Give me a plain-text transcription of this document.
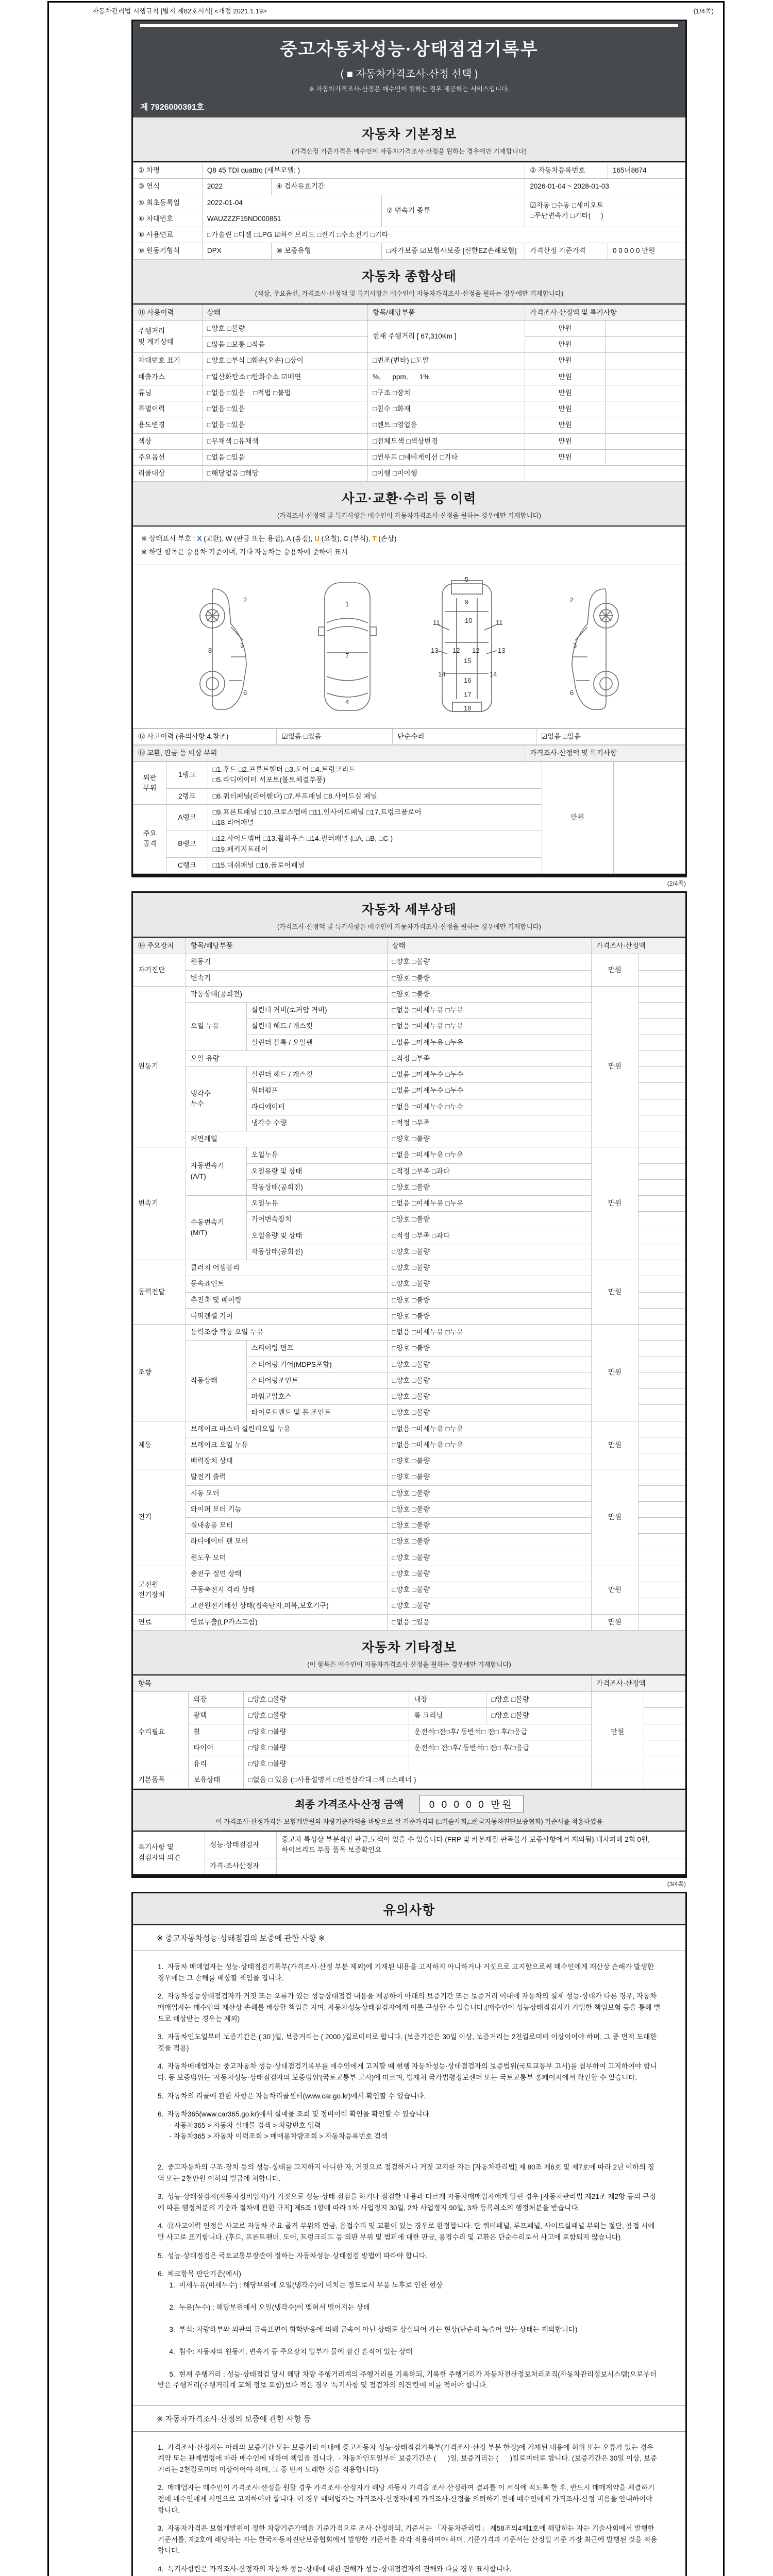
자동차관리법 시행규칙 [별지 제82호서식] <개정 2021.1.19>	(1/4쪽)
중고자동차성능·상태점검기록부
( ■ 자동차가격조사·산정 선택 )
※ 자동차가격조사·산정은 매수인이 원하는 경우 제공하는 서비스입니다.
제 7926000391호
자동차 기본정보
(가격산정 기준가격은 매수인이 자동차가격조사·산정을 원하는 경우에만 기재합니다)
① 차명	Q8 45 TDI quattro (세부모델: )			② 자동차등록번호	165너8674
③ 연식	2022	④ 검사유효기간		2026-01-04 ~ 2028-01-03	
⑤ 최초등록일	2022-01-04		⑦ 변속기 종류	☑자동 □수동 □세미오토
□무단변속기 □기타(     )	
⑥ 차대번호	WAUZZZF15ND000851				
⑧ 사용연료	□가솔린 □디젤 □LPG ☑하이브리드 □전기 □수소전기 □기타				
⑨ 원동기형식	DPX	⑩ 보증유형	□자가보증 ☑보험사보증 [신한EZ손해보험]	가격산정 기준가격	0 0 0 0 0 만원
자동차 종합상태
(색상, 주요옵션, 가격조사·산정액 및 특기사항은 매수인이 자동차가격조사·산정을 원하는 경우에만 기재합니다)
⑪ 사용이력	상태	항목/해당부품	가격조사·산정액 및 특기사항	
주행거리
및 계기상태	□양호 □불량	현재 주행거리 [ 67,310Km ]	만원	
	□많음 □보통 □적음		만원	
차대번호 표기	□양호 □부식 □훼손(오손) □상이	□변조(변타) □도말	만원	
배출가스	□일산화탄소 □탄화수소 ☑매연	%,      ppm,      1%	만원	
튜닝	□없음 □있음    □적법 □불법	□구조 □장치	만원	
특별이력	□없음 □있음	□침수 □화재	만원	
용도변경	□없음 □있음	□렌트 □영업용	만원	
색상	□무채색 □유채색	□전체도색 □색상변경	만원	
주요옵션	□없음 □있음	□썬루프 □네비게이션 □기타	만원	
리콜대상	□해당없음 □해당	□이행 □미이행		
사고·교환·수리 등 이력
(가격조사·산정액 및 특기사항은 매수인이 자동차가격조사·산정을 원하는 경우에만 기재합니다)
※ 상태표시 부호 : X (교환), W (판금 또는 용접), A (흠집), U (요철), C (부식), T (손상)
※ 하단 항목은 승용차 기준이며, 기타 자동차는 승용차에 준하여 표시
2
3
6
8
1
7
4
5
9
10
11	11
13	13
12 12
14	14
15
16
17
18
2
3
6
⑫ 사고이력 (유의사항 4.참조)	☑없음 □있음	단순수리	☑없음 □있음
⑬ 교환, 판금 등 이상 부위	가격조사·산정액 및 특기사항
외판
부위	1랭크	□1.후드 □2.프론트휀더 □3.도어 □4.트렁크리드
□5.라디에이터 서포트(볼트체결부품)	만원	
	2랭크	□6.쿼터패널(리어휀다) □7.루프패널 □8.사이드실 패널		
주요
골격	A랭크	□9.프론트패널 □10.크로스멤버 □11.인사이드패널 □17.트렁크플로어
□18.리어패널		
	B랭크	□12.사이드멤버 □13.휠하우스 □14.필러패널 (□A, □B, □C )
□19.패키지트레이		
	C랭크	□15.대쉬패널 □16.플로어패널		
(2/4쪽)
자동차 세부상태
(가격조사·산정액 및 특기사항은 매수인이 자동차가격조사·산정을 원하는 경우에만 기재합니다)
⑭ 주요장치	항목/해당부품		상태	가격조사·산정액	
자기진단	원동기		□양호 □불량	만원	
	변속기		□양호 □불량		
원동기	작동상태(공회전)		□양호 □불량	만원	
	오일 누유	실린더 커버(로커암 커버)	□없음 □미세누유 □누유		
		실린더 헤드 / 개스킷	□없음 □미세누유 □누유		
		실린더 블록 / 오일팬	□없음 □미세누유 □누유		
	오일 유량		□적정 □부족		
	냉각수
누수	실린더 헤드 / 개스킷	□없음 □미세누수 □누수		
		워터펌프	□없음 □미세누수 □누수		
		라디에이터	□없음 □미세누수 □누수		
		냉각수 수량	□적정 □부족		
	커먼레일		□양호 □불량		
변속기	자동변속기
(A/T)	오일누유	□없음 □미세누유 □누유	만원	
		오일유량 및 상태	□적정 □부족 □과다		
		작동상태(공회전)	□양호 □불량		
	수동변속기
(M/T)	오일누유	□없음 □미세누유 □누유		
		기어변속장치	□양호 □불량		
		오일유량 및 상태	□적정 □부족 □과다		
		작동상태(공회전)	□양호 □불량		
동력전달	클러치 어셈블리		□양호 □불량	만원	
	등속죠인트		□양호 □불량		
	추진축 및 베어링		□양호 □불량		
	디퍼렌셜 기어		□양호 □불량		
조향	동력조향 작동 오일 누유		□없음 □미세누유 □누유	만원	
	작동상태	스티어링 펌프	□양호 □불량		
		스티어링 기어(MDPS포함)	□양호 □불량		
		스티어링조인트	□양호 □불량		
		파워고압호스	□양호 □불량		
		타이로드엔드 및 볼 조인트	□양호 □불량		
제동	브레이크 마스터 실린더오일 누유		□없음 □미세누유 □누유	만원	
	브레이크 오일 누유		□없음 □미세누유 □누유		
	배력장치 상태		□양호 □불량		
전기	발전기 출력		□양호 □불량	만원	
	시동 모터		□양호 □불량		
	와이퍼 모터 기능		□양호 □불량		
	실내송풍 모터		□양호 □불량		
	라디에이터 팬 모터		□양호 □불량		
	윈도우 모터		□양호 □불량		
고전원
전기장치	충전구 절연 상태		□양호 □불량	만원	
	구동축전지 격리 상태		□양호 □불량		
	고전원전기배선 상태(접속단자,피복,보호기구)		□양호 □불량		
연료	연료누출(LP가스포함)		□없음 □있음	만원	
자동차 기타정보
(이 항목은 매수인이 자동차가격조사·산정을 원하는 경우에만 기재합니다)
항목					가격조사·산정액	
수리필요	외장	□양호 □불량	내장	□양호 □불량	만원	
	광택	□양호 □불량	룸 크리닝	□양호 □불량		
	휠	□양호 □불량	운전석□전□후/ 동반석□ 전□ 후/□응급			
	타이어	□양호 □불량	운전석□ 전□후/ 동반석□ 전□ 후/□응급			
	유리	□양호 □불량				
기본품목	보유상태	□없음 □ 있음 (□사용설명서 □안전삼각대 □잭 □스패너 )				
최종 가격조사·산정 금액	0 0 0 0 0 만원
이 가격조사·산정가격은 보험개발원의 차량기준가액을 바탕으로 한 기준가격과 (□기술사회,□한국자동차진단보증협회) 기준서를 적용하였음
특기사항 및
점검자의 의견	성능·상태점검자	중고차 특성상 부분적인 판금,도색이 있을 수 있습니다.(FRP 및 카본재질 판독불가 보증사항에서 제외됨).내차피해 2회 0원,하이브리드 부품 품목 보증확인요
	가격·조사산정자	

(3/4쪽)
유의사항
※ 중고자동차성능·상태점검의 보증에 관한 사항 ※

1.  자동차 매매업자는 성능·상태점검기록부(가격조사·산정 부분 제외)에 기재된 내용을 고지하지 아니하거나 거짓으로 고지함으로써 매수인에게 재산상 손해가 발생한 경우에는 그 손해를 배상할 책임을 집니다.

2.  자동차성능상태점검자가 거짓 또는 오류가 있는 성능상태점검 내용을 제공하여 아래의 보증기간 또는 보증거리 이내에 자동차의 실제 성능·상태가 다른 경우, 자동차매매업자는 매수인의 재산상 손해를 배상할 책임을 지며, 자동차성능상태점검자에게 이를 구상할 수 있습니다.(매수인이 성능상태점검자가 가입한 책임보험 등을 통해 별도로 배상받는 경우는 제외)

3.  자동차인도일부터 보증기간은 ( 30 )일, 보증거리는 ( 2000 )킬로미터로 합니다. (보증기간은 30일 이상, 보증거리는 2천킬로미터 이상이어야 하며, 그 중 먼저 도래한 것을 적용)

4.  자동차매매업자는 중고자동차 성능·상태점검기록부를 매수인에게 고지할 때 현행 자동차성능·상태점검자의 보증범위(국토교통부 고시)를 첨부하여 고지하여야 합니다. 동 보증범위는 '자동차성능·상태점검자의 보증범위'(국토교통부 고시)에 따르며, 법제처 국가법령정보센터 또는 국토교통부 홈페이지에서 확인할 수 있습니다.

5.  자동차의 리콜에 관한 사항은 자동차리콜센터(www.car.go.kr)에서 확인할 수 있습니다.

6.  자동차365(www.car365.go.kr)에서 실매물 조회 및 정비이력 확인을 확인할 수 있습니다.
- 자동차365 > 자동차 실매물 검색 > 차량번호 입력
- 자동차365 > 자동차 이력조회 > 매매용차량조회 > 자동차등록번호 검색

2.  중고자동차의 구조·장치 등의 성능·상태를 고지하지 아니한 자, 거짓으로 점검하거나 거짓 고지한 자는 [자동차관리법] 제 80조 제6호 및 제7호에 따라 2년 이하의 징역 또는 2천만원 이하의 벌금에 처합니다.

3.  성능·상태점검자(자동차정비업자)가 거짓으로 성능·상태 점검을 하거나 점검한 내용과 다르게 자동차매매업자에게 알린 경우 [자동차관리법 제21조 제2항 등의 규정에 따른 행정처분의 기준과 절차에 관한 규칙] 제5조 1항에 따라 1차 사업정지 30일, 2차 사업정지 90일, 3차 등록취소의 행정처분을 받습니다.

4.  ⑫사고이력 인정은 사고로 자동차 주요 골격 부위의 판금, 용접수리 및 교환이 있는 경우로 한정합니다. 단 쿼터패널, 루프패널, 사이드실패널 부위는 절단, 용접 시에만 사고로 표기합니다. (후드, 프론트펜더, 도어, 트렁크리드 등 외판 부위 및 범퍼에 대한 판금, 용접수리 및 교환은 단순수리로서 사고에 포함되지 않습니다)

5.  성능·상태점검은 국토교통부장관이 정하는 자동차성능·상태점검 방법에 따라야 합니다.

6.  체크항목 판단기준(예시)
1.  미세누유(미세누수) : 해당부위에 오일(냉각수)이 비치는 정도로서 부품 노후로 인한 현상

2.  누유(누수) : 해당부위에서 오일(냉각수)이 맺혀서 떨어지는 상태

3.  부식: 차량하부와 외판의 금속표면이 화학반응에 의해 금속이 아닌 상태로 상실되어 가는 현상(단순히 녹슬어 있는 상태는 제외합니다)

4.  침수: 자동차의 원동기, 변속기 등 주요장치 일부가 물에 잠긴 흔적이 있는 상태

5.  현재 주행거리 : 성능·상태점검 당시 해당 차량 주행거리계의 주행거리를 기록하되, 기록한 주행거리가 자동차전산정보처리조직(자동차관리정보시스템)으로부터 받은 주행거리(주행거리계 교체 정보 포함)보다 적은 경우 '특기사항 및 점검자의 의견'란에 이를 적어야 합니다.

※ 자동차가격조사·산정의 보증에 관한 사항 등

1.  가격조사·산정자는 아래의 보증기간 또는 보증거리 이내에 중고자동차 성능·상태점검기록부(가격조사·산정 부분 한정)에 기재된 내용에 허위 또는 오류가 있는 경우 계약 또는 관계법령에 따라 매수인에 대하여 책임을 집니다.  · 자동차인도일부터 보증기간은 (      )일, 보증거리는 (      )킬로미터로 합니다. (보증기간은 30일 이상, 보증거리는 2천킬로미터 이상이어야 하며, 그 중 먼저 도래한 것을 적용합니다)

2.  매매업자는 매수인이 가격조사·산정을 원할 경우 가격조사·산정자가 해당 자동차 가격을 조사·산정하여 결과를 이 서식에 적도록 한 후, 반드시 매매계약을 체결하기 전에 매수인에게 서면으로 고지하여야 합니다. 이 경우 매매업자는 가격조사·산정자에게 가격조사·산정을 의뢰하기 전에 매수인에게 가격조사·산정 비용을 안내하여야 합니다.

3.  자동차가격은 보험개발원이 정한 차량기준가액을 기준가격으로 조사·산정하되, 기준서는 「자동차관리법」 제58조의4제1호에 해당하는 자는 기술사회에서 발행한 기준서를, 제2호에 해당하는 자는 한국자동차진단보증협회에서 발행한 기준서를 각각 적용하여야 하며, 기준가격과 기준서는 산정일 기준 가장 최근에 발행된 것을 적용합니다.

4.  특기사항란은 가격조사·산정자의 자동차 성능·상태에 대한 견해가 성능·상태점검자의 견해와 다를 경우 표시합니다.
